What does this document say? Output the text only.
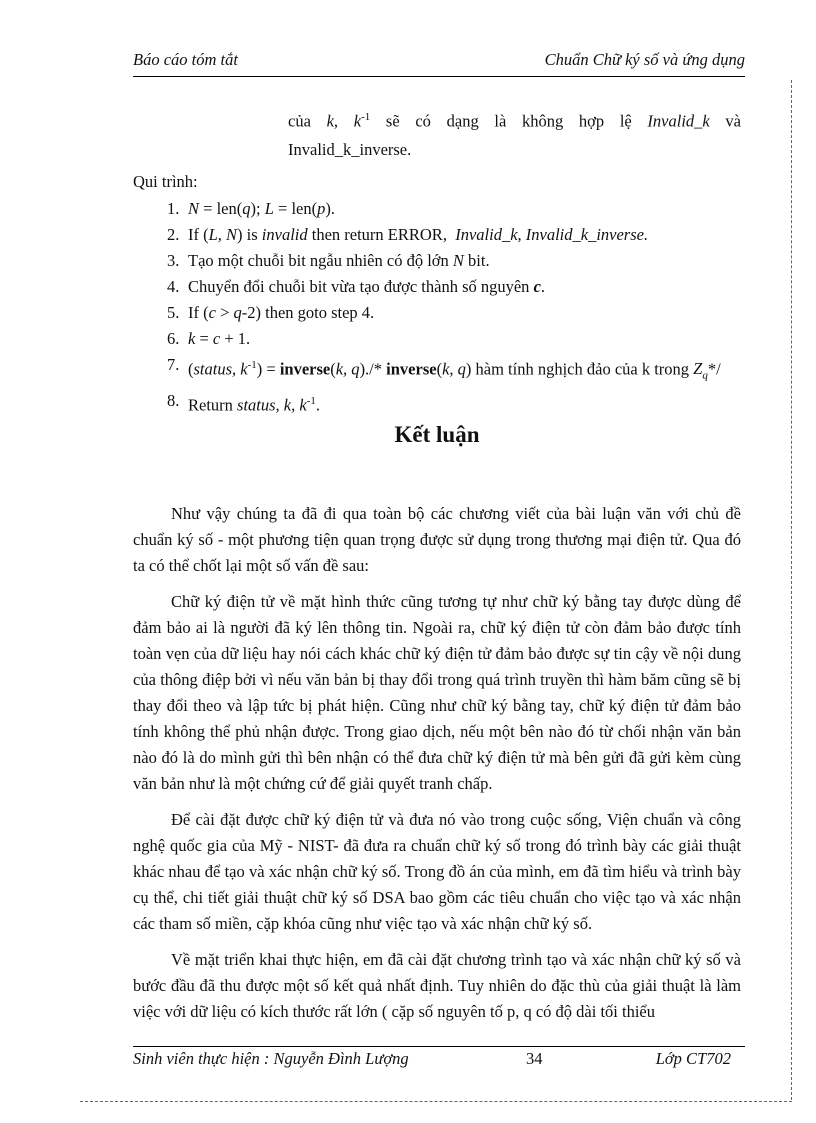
Báo cáo tóm tắt	Chuẩn Chữ ký số và ứng dụng
của  k, $k^{-1}$  sẽ  có  dạng  là  không  hợp  lệ  Invalid_k  và
Invalid_k_inverse.
Qui trình:
1. N = len(q); L = len(p).
2. If (L, N) is invalid then return ERROR,  Invalid_k, Invalid_k_inverse.
3. Tạo một chuỗi bit ngẫu nhiên có độ lớn N bit.
4. Chuyển đổi chuỗi bit vừa tạo được thành số nguyên c.
5. If (c > q-2) then goto step 4.
6. k = c + 1.
7. (status, $k^{-1}$) = inverse(k, q)./* inverse(k, q) hàm tính nghịch đảo của k trong $Z_q*/$
8. Return status, k, $k^{-1}$.
Kết luận

Như vậy chúng ta đã đi qua toàn bộ các chương viết của bài luận văn với chủ đề chuẩn ký số - một phương tiện quan trọng được sử dụng trong thương mại điện tử. Qua đó ta có thể chốt lại một số vấn đề sau:

Chữ ký điện tử về mặt hình thức cũng tương tự như chữ ký bằng tay được dùng để đảm bảo ai là người đã ký lên thông tin. Ngoài ra, chữ ký điện tử còn đảm bảo được tính toàn vẹn của dữ liệu hay nói cách khác chữ ký điện tử đảm bảo được sự tin cậy về nội dung của thông điệp bởi vì nếu văn bản bị thay đổi trong quá trình truyền thì hàm băm cũng sẽ bị thay đổi theo và lập tức bị phát hiện. Cũng như chữ ký bằng tay, chữ ký điện tử đảm bảo tính không thể phủ nhận được. Trong giao dịch, nếu một bên nào đó từ chối nhận văn bản nào đó là do mình gửi thì bên nhận có thể đưa chữ ký điện tử mà bên gửi đã gửi kèm cùng văn bản như là một chứng cứ để giải quyết tranh chấp.

Để cài đặt được chữ ký điện tử và đưa nó vào trong cuộc sống, Viện chuẩn và công nghệ quốc gia của Mỹ - NIST- đã đưa ra chuẩn chữ ký số trong đó trình bày các giải thuật khác nhau để tạo và xác nhận chữ ký số. Trong đồ án của mình, em đã tìm hiểu và trình bày cụ thể, chi tiết giải thuật chữ ký số DSA bao gồm các tiêu chuẩn cho việc tạo và xác nhận các tham số miền, cặp khóa cũng như việc tạo và xác nhận chữ ký số.

Về mặt triển khai thực hiện, em đã cài đặt chương trình tạo và xác nhận chữ ký số và bước đầu đã thu được một số kết quả nhất định. Tuy nhiên do đặc thù của giải thuật là làm việc với dữ liệu có kích thước rất lớn ( cặp số nguyên tố p, q có độ dài tối thiểu

Sinh viên thực hiện : Nguyễn Đình Lượng	34	Lớp CT702
